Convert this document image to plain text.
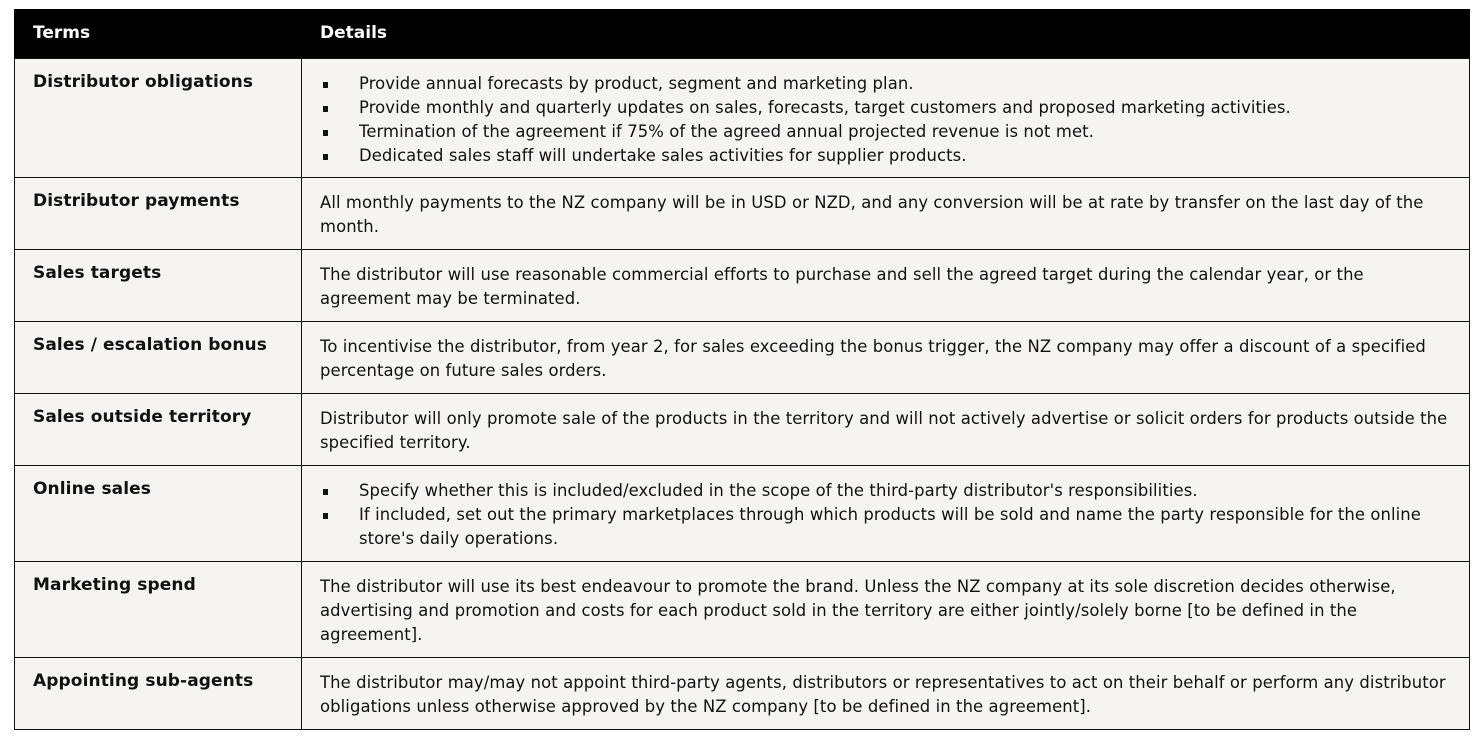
Terms	Details
Distributor obligations	Provide annual forecasts by product, segment and marketing plan.
Provide monthly and quarterly updates on sales, forecasts, target customers and proposed marketing activities.
Termination of the agreement if 75% of the agreed annual projected revenue is not met.
Dedicated sales staff will undertake sales activities for supplier products.

Distributor payments	All monthly payments to the NZ company will be in USD or NZD, and any conversion will be at rate by transfer on the last day of the month.
Sales targets	The distributor will use reasonable commercial efforts to purchase and sell the agreed target during the calendar year, or the agreement may be terminated.
Sales / escalation bonus	To incentivise the distributor, from year 2, for sales exceeding the bonus trigger, the NZ company may offer a discount of a specified percentage on future sales orders.
Sales outside territory	Distributor will only promote sale of the products in the territory and will not actively advertise or solicit orders for products outside the specified territory.
Online sales	Specify whether this is included/excluded in the scope of the third-party distributor's responsibilities.
If included, set out the primary marketplaces through which products will be sold and name the party responsible for the online store's daily operations.

Marketing spend	The distributor will use its best endeavour to promote the brand. Unless the NZ company at its sole discretion decides otherwise, advertising and promotion and costs for each product sold in the territory are either jointly/solely borne [to be defined in the agreement].
Appointing sub-agents	The distributor may/may not appoint third-party agents, distributors or representatives to act on their behalf or perform any distributor obligations unless otherwise approved by the NZ company [to be defined in the agreement].
